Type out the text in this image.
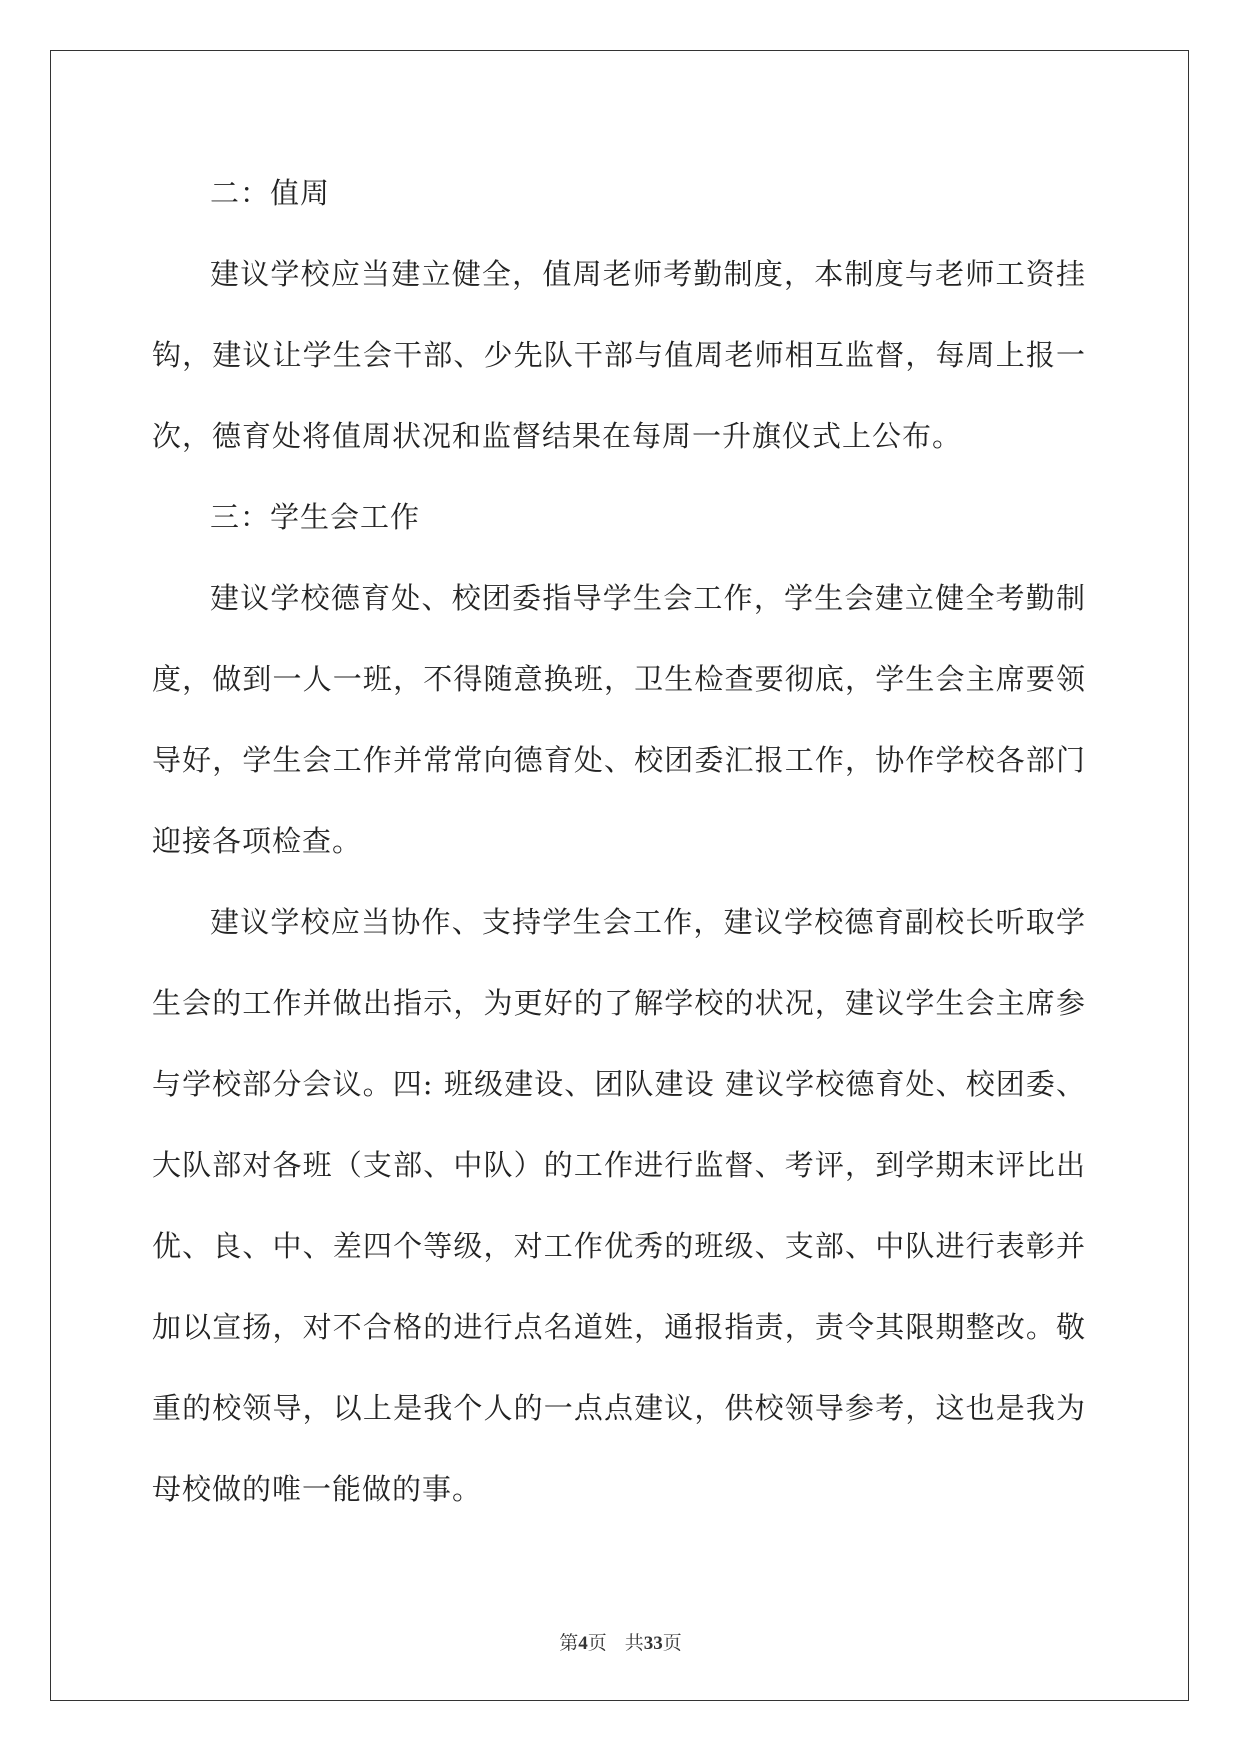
二：值周

建议学校应当建立健全，值周老师考勤制度，本制度与老师工资挂钩，建议让学生会干部、少先队干部与值周老师相互监督，每周上报一次，德育处将值周状况和监督结果在每周一升旗仪式上公布。

三：学生会工作

建议学校德育处、校团委指导学生会工作，学生会建立健全考勤制度，做到一人一班，不得随意换班，卫生检查要彻底，学生会主席要领导好，学生会工作并常常向德育处、校团委汇报工作，协作学校各部门迎接各项检查。

建议学校应当协作、支持学生会工作，建议学校德育副校长听取学生会的工作并做出指示，为更好的了解学校的状况，建议学生会主席参与学校部分会议。四: 班级建设、团队建设 建议学校德育处、校团委、大队部对各班（支部、中队）的工作进行监督、考评，到学期末评比出优、良、中、差四个等级，对工作优秀的班级、支部、中队进行表彰并加以宣扬，对不合格的进行点名道姓，通报指责，责令其限期整改。敬重的校领导，以上是我个人的一点点建议，供校领导参考，这也是我为母校做的唯一能做的事。

第4页 共33页
